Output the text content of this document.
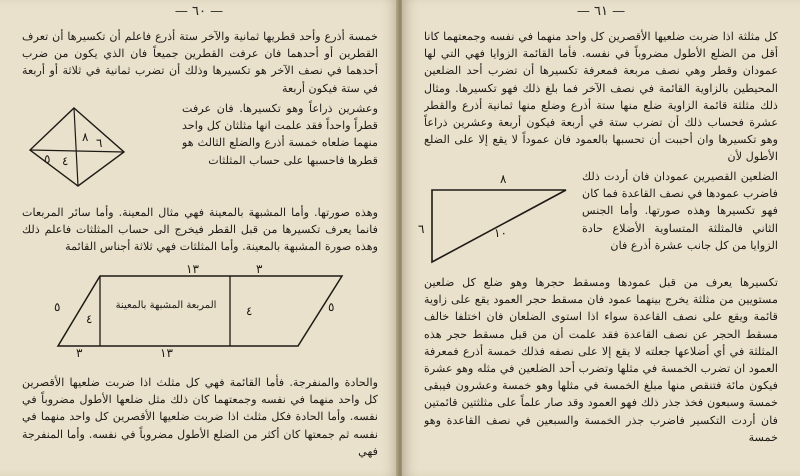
— ٦٠ —
خمسة أذرع وأحد قطريها ثمانية والآخر ستة أذرع فاعلم أن تكسيرها أن تعرف القطرين أو أحدهما فان عرفت القطرين جميعاً فان الذي يكون من ضرب أحدهما في نصف الآخر هو تكسيرها وذلك أن تضرب ثمانية في ثلاثة أو أربعة في ستة فيكون أربعة
٨ ٦
٥ ٤
وعشرين ذراعاً وهو تكسيرها. فان عرفت قطراً واحداً فقد علمت انها مثلثان كل واحد منهما ضلعاه خمسة أذرع والضلع الثالث هو قطرها فاحسبها على حساب المثلثات
وهذه صورتها. وأما المشبهة بالمعينة فهي مثال المعينة. وأما سائر المربعات فانما يعرف تكسيرها من قبل القطر فيخرج الى حساب المثلثات فاعلم ذلك وهذه صورة المشبهة بالمعينة. وأما المثلثات فهي ثلاثة أجناس القائمة
١٣	٣
١٣
٣
٥	٥
٤
٤
المربعة المشبهة بالمعينة
والحادة والمنفرجة. فأما القائمة فهي كل مثلث اذا ضربت ضلعيها الأقصرين كل واحد منهما في نفسه وجمعتهما كان ذلك مثل ضلعها الأطول مضروباً في نفسه. وأما الحادة فكل مثلث اذا ضربت ضلعيها الأقصرين كل واحد منهما في نفسه ثم جمعتها كان أكثر من الضلع الأطول مضروباً في نفسه. وأما المنفرجة فهي
— ٦١ —
كل مثلثة اذا ضربت ضلعيها الأقصرين كل واحد منهما في نفسه وجمعتهما كانا أقل من الضلع الأطول مضروباً في نفسه. فأما القائمة الزوايا فهي التي لها عمودان وقطر وهي نصف مربعة فمعرفة تكسيرها أن تضرب أحد الضلعين المحيطين بالزاوية القائمة في نصف الآخر فما بلغ ذلك فهو تكسيرها. ومثال ذلك مثلثة قائمة الزاوية ضلع منها ستة أذرع وضلع منها ثمانية أذرع والقطر عشرة فحساب ذلك أن تضرب ستة في أربعة فيكون أربعة وعشرين ذراعاً وهو تكسيرها وان أحببت أن تحسبها بالعمود فان عموداً لا يقع إلا على الضلع الأطول لأن
الضلعين القصيرين عمودان فان أردت ذلك فاضرب عمودها في نصف القاعدة فما كان فهو تكسيرها وهذه صورتها. وأما الجنس الثاني فالمثلثة المتساوية الأضلاع حادة الزوايا من كل جانب عشرة أذرع فان
٨
٦	١٠
تكسيرها يعرف من قبل عمودها ومسقط حجرها وهو ضلع كل ضلعين مستويين من مثلثة يخرج بينهما عمود فان مسقط حجر العمود يقع على زاوية قائمة ويقع على نصف القاعدة سواء اذا استوى الضلعان فان اختلفا خالف مسقط الحجر عن نصف القاعدة فقد علمت أن من قبل مسقط حجر هذه المثلثة في أي أضلاعها جعلته لا يقع إلا على نصفه فذلك خمسة أذرع فمعرفة العمود ان تضرب الخمسة في مثلها وتضرب أحد الضلعين في مثله وهو عشرة فيكون مائة فتنقص منها مبلغ الخمسة في مثلها وهو خمسة وعشرون فيبقى خمسة وسبعون فخذ جذر ذلك فهو العمود وقد صار علماً على مثلثتين قائمتين فان أردت التكسير فاضرب جذر الخمسة والسبعين في نصف القاعدة وهو خمسة
